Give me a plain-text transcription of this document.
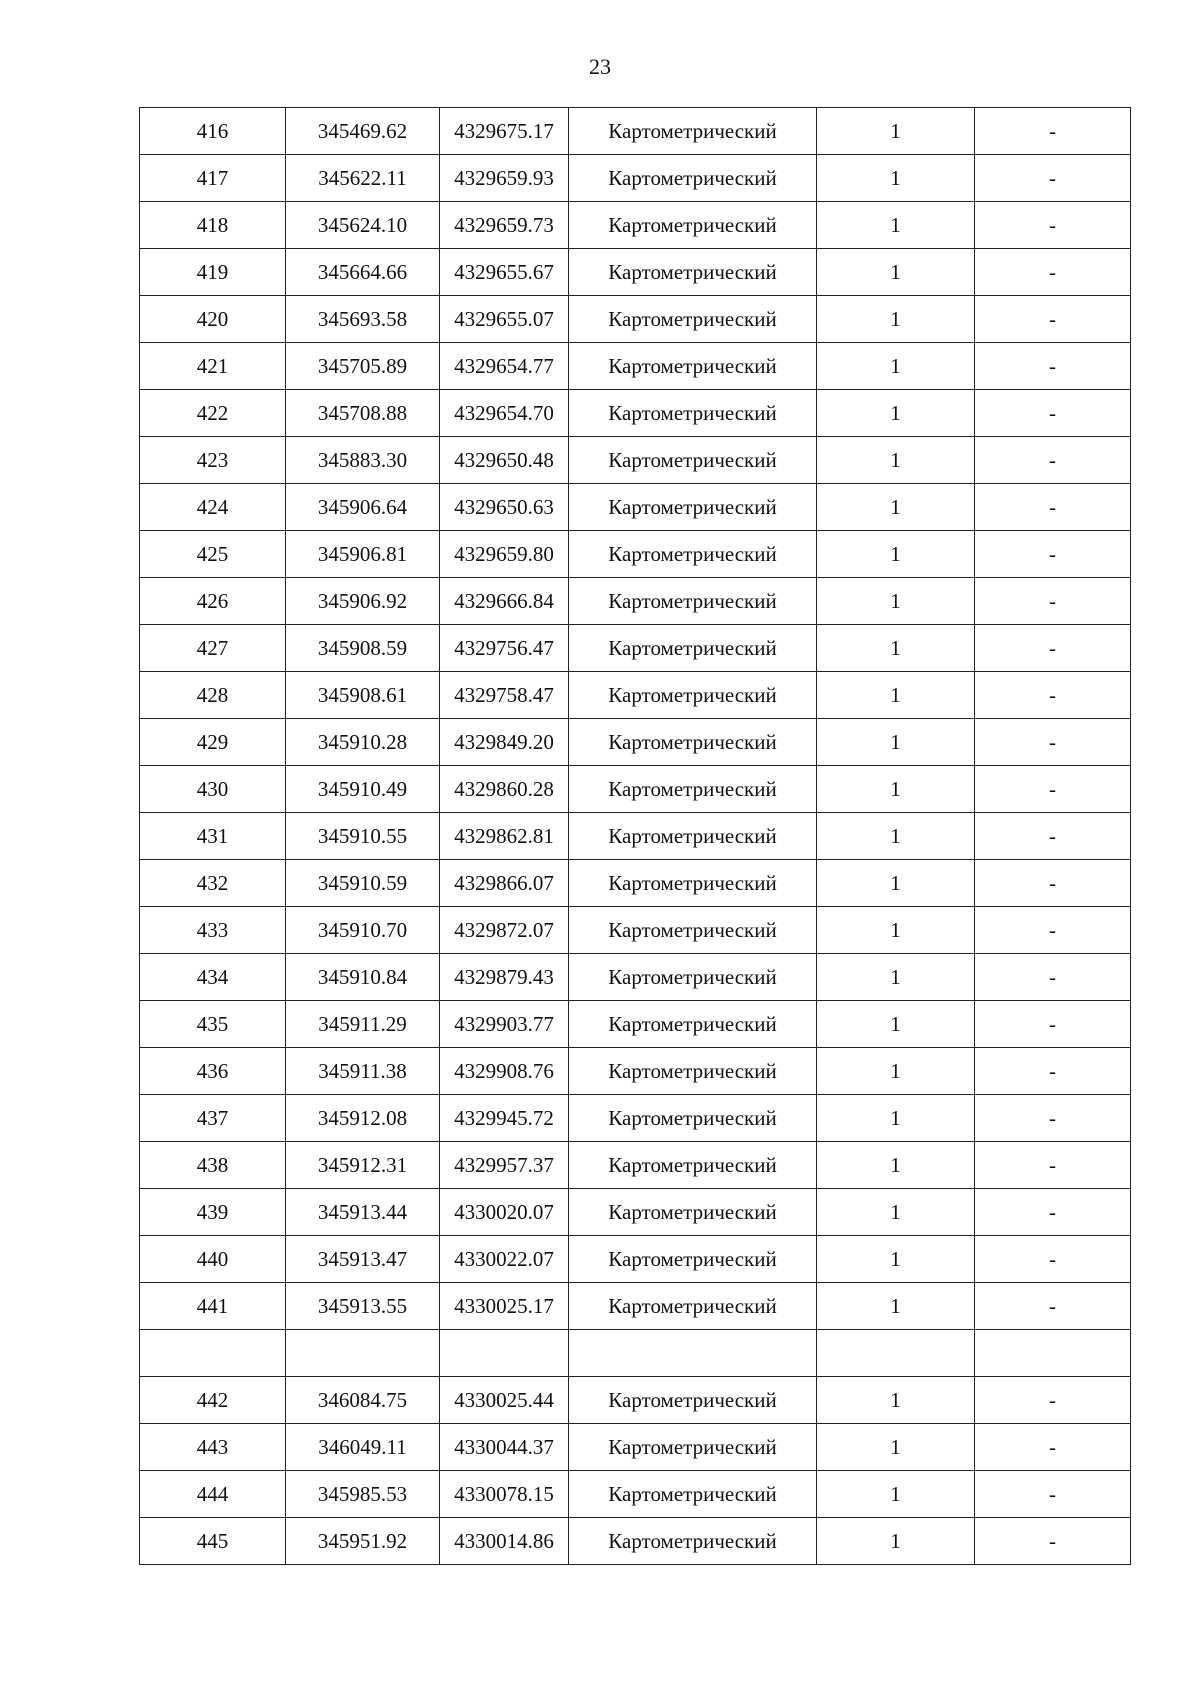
23
416	345469.62	4329675.17	Картометрический	1	-
417	345622.11	4329659.93	Картометрический	1	-
418	345624.10	4329659.73	Картометрический	1	-
419	345664.66	4329655.67	Картометрический	1	-
420	345693.58	4329655.07	Картометрический	1	-
421	345705.89	4329654.77	Картометрический	1	-
422	345708.88	4329654.70	Картометрический	1	-
423	345883.30	4329650.48	Картометрический	1	-
424	345906.64	4329650.63	Картометрический	1	-
425	345906.81	4329659.80	Картометрический	1	-
426	345906.92	4329666.84	Картометрический	1	-
427	345908.59	4329756.47	Картометрический	1	-
428	345908.61	4329758.47	Картометрический	1	-
429	345910.28	4329849.20	Картометрический	1	-
430	345910.49	4329860.28	Картометрический	1	-
431	345910.55	4329862.81	Картометрический	1	-
432	345910.59	4329866.07	Картометрический	1	-
433	345910.70	4329872.07	Картометрический	1	-
434	345910.84	4329879.43	Картометрический	1	-
435	345911.29	4329903.77	Картометрический	1	-
436	345911.38	4329908.76	Картометрический	1	-
437	345912.08	4329945.72	Картометрический	1	-
438	345912.31	4329957.37	Картометрический	1	-
439	345913.44	4330020.07	Картометрический	1	-
440	345913.47	4330022.07	Картометрический	1	-
441	345913.55	4330025.17	Картометрический	1	-

442	346084.75	4330025.44	Картометрический	1	-
443	346049.11	4330044.37	Картометрический	1	-
444	345985.53	4330078.15	Картометрический	1	-
445	345951.92	4330014.86	Картометрический	1	-
